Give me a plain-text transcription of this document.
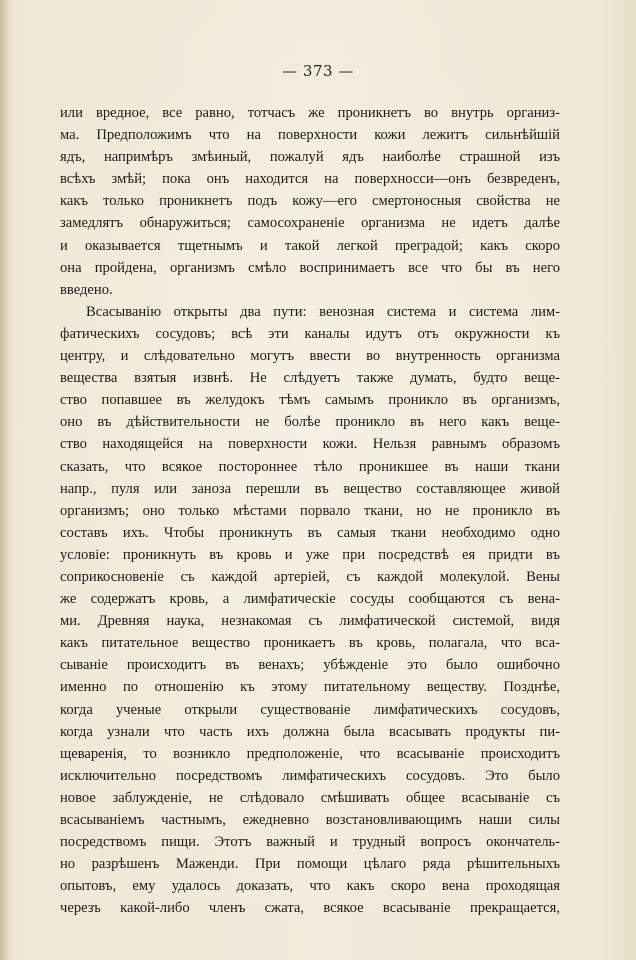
— 373 —
или вредное, все равно, тотчасъ же проникнетъ во внутрь организ-
ма. Предположимъ что на поверхности кожи лежитъ сильнѣйшій
ядъ, напримѣръ змѣиный, пожалуй ядъ наиболѣе страшной изъ
всѣхъ змѣй; пока онъ находится на поверхносcи—онъ безвреденъ,
какъ только проникнетъ подъ кожу—его смертоносныя свойства не
замедлятъ обнаружиться; самосохраненіе организма не идетъ далѣе
и оказывается тщетнымъ и такой легкой преградой; какъ скоро
она пройдена, организмъ смѣло воспринимаетъ все что бы въ него
введено.
Всасыванію открыты два пути: венозная система и система лим-
фатическихъ сосудовъ; всѣ эти каналы идутъ отъ окружности къ
центру, и слѣдовательно могутъ ввести во внутренность организма
вещества взятыя извнѣ. Не слѣдуетъ также думать, будто веще-
ство попавшее въ желудокъ тѣмъ самымъ проникло въ организмъ,
оно въ дѣйствительности не болѣе проникло въ него какъ веще-
ство находящейся на поверхности кожи. Нельзя равнымъ образомъ
сказать, что всякое постороннее тѣло проникшее въ наши ткани
напр., пуля или заноза перешли въ вещество составляющее живой
организмъ; оно только мѣстами порвало ткани, но не проникло въ
составъ ихъ. Чтобы проникнуть въ самыя ткани необходимо одно
условіе: проникнуть въ кровь и уже при посредствѣ ея придти въ
соприкосновеніе съ каждой артеріей, съ каждой молекулой. Вены
же содержатъ кровь, а лимфатическіе сосуды сообщаются съ вена-
ми. Древняя наука, незнакомая съ лимфатической системой, видя
какъ питательное вещество проникаетъ въ кровь, полагала, что вса-
сываніе происходитъ въ венахъ; убѣжденіе это было ошибочно
именно по отношенію къ этому питательному веществу. Позднѣе,
когда ученые открыли существованіе лимфатическихъ сосудовъ,
когда узнали что часть ихъ должна была всасывать продукты пи-
щеваренія, то возникло предположеніе, что всасываніе происходитъ
исключительно посредствомъ лимфатическихъ сосудовъ. Это было
новое заблужденіе, не слѣдовало смѣшивать общее всасываніе съ
всасываніемъ частнымъ, ежедневно возстановливающимъ наши силы
посредствомъ пищи. Этотъ важный и трудный вопросъ окончатель-
но разрѣшенъ Маженди. При помощи цѣлаго ряда рѣшительныхъ
опытовъ, ему удалось доказать, что какъ скоро вена проходящая
черезъ какой-либо членъ сжата, всякое всасываніе прекращается,
